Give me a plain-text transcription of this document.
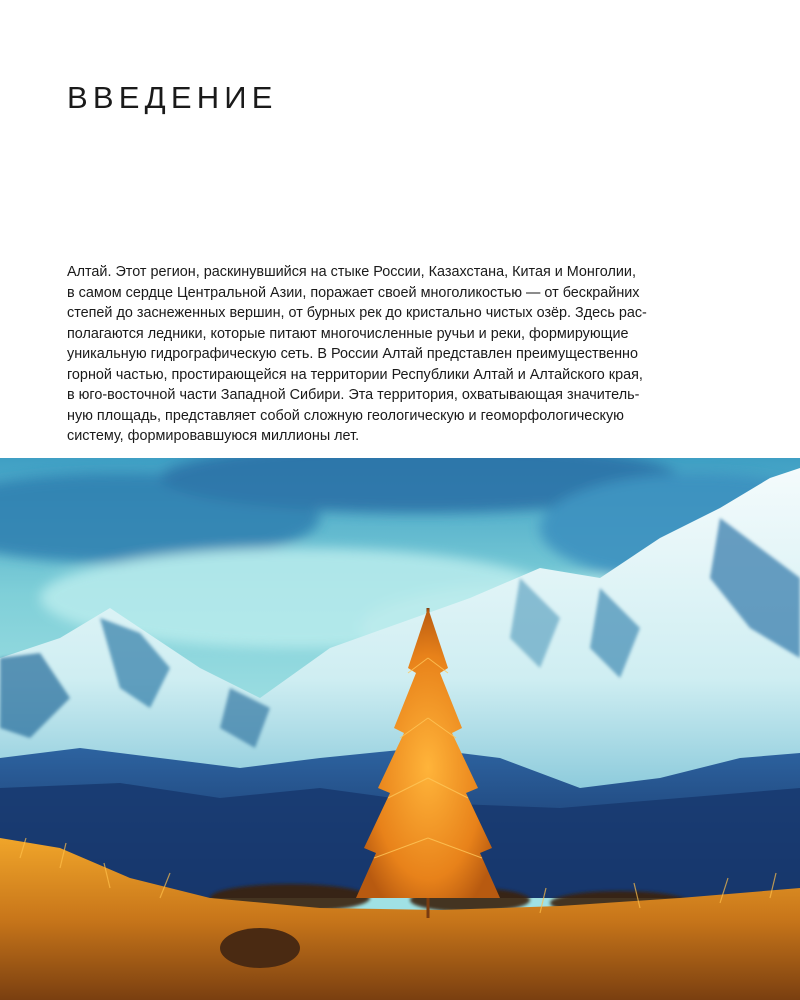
ВВЕДЕНИЕ
Алтай. Этот регион, раскинувшийся на стыке России, Казахстана, Китая и Монголии,
в самом сердце Центральной Азии, поражает своей многоликостью — от бескрайних
степей до заснеженных вершин, от бурных рек до кристально чистых озёр. Здесь рас-
полагаются ледники, которые питают многочисленные ручьи и реки, формирующие
уникальную гидрографическую сеть. В России Алтай представлен преимущественно
горной частью, простирающейся на территории Республики Алтай и Алтайского края,
в юго-восточной части Западной Сибири. Эта территория, охватывающая значитель-
ную площадь, представляет собой сложную геологическую и геоморфологическую
систему, формировавшуюся миллионы лет.
